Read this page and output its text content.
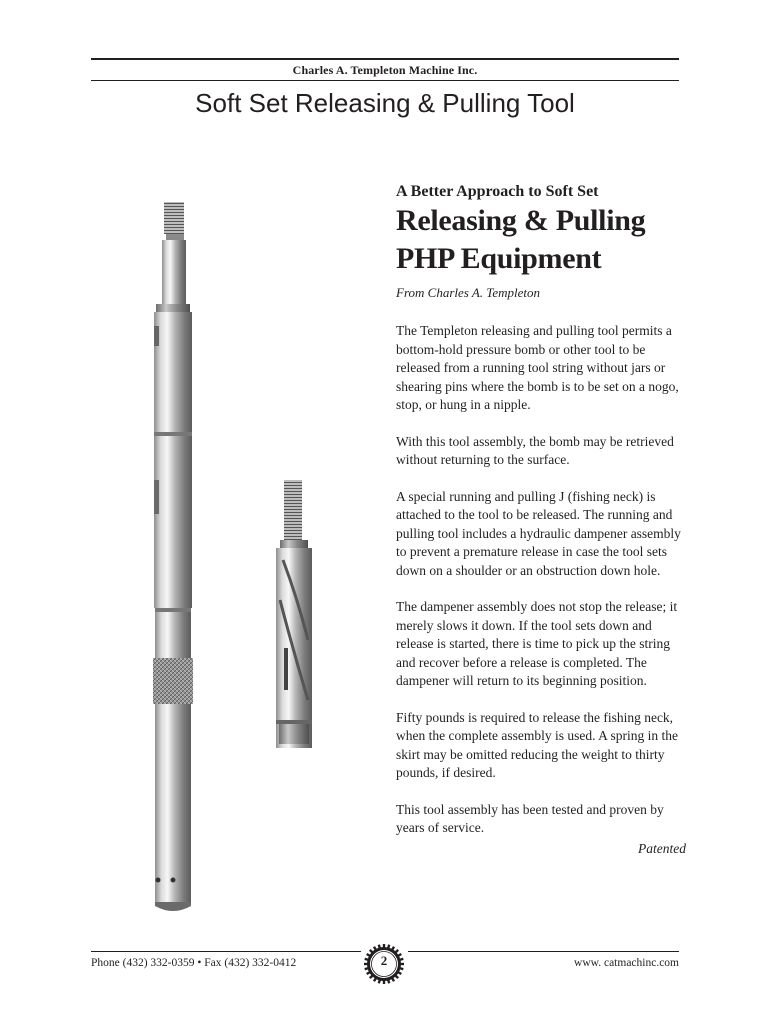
Charles A. Templeton Machine Inc.
Soft Set Releasing & Pulling Tool

A Better Approach to Soft Set

Releasing & Pulling
PHP Equipment

From Charles A. Templeton

The Templeton releasing and pulling tool permits a bottom-hold pressure bomb or other tool to be released from a running tool string without jars or shearing pins where the bomb is to be set on a nogo, stop, or hung in a nipple.

With this tool assembly, the bomb may be retrieved without returning to the surface.

A special running and pulling J (fishing neck) is attached to the tool to be released. The running and pulling tool includes a hydraulic dampener assembly to prevent a premature release in case the tool sets down on a shoulder or an obstruction down hole.

The dampener assembly does not stop the release; it merely slows it down. If the tool sets down and release is started, there is time to pick up the string and recover before a release is completed. The dampener will return to its beginning position.

Fifty pounds is required to release the fishing neck, when the complete assembly is used. A spring in the skirt may be omitted reducing the weight to thirty pounds, if desired.

This tool assembly has been tested and proven by years of service.

Patented

Phone (432) 332-0359 • Fax (432) 332-0412	www. catmachinc.com
2
